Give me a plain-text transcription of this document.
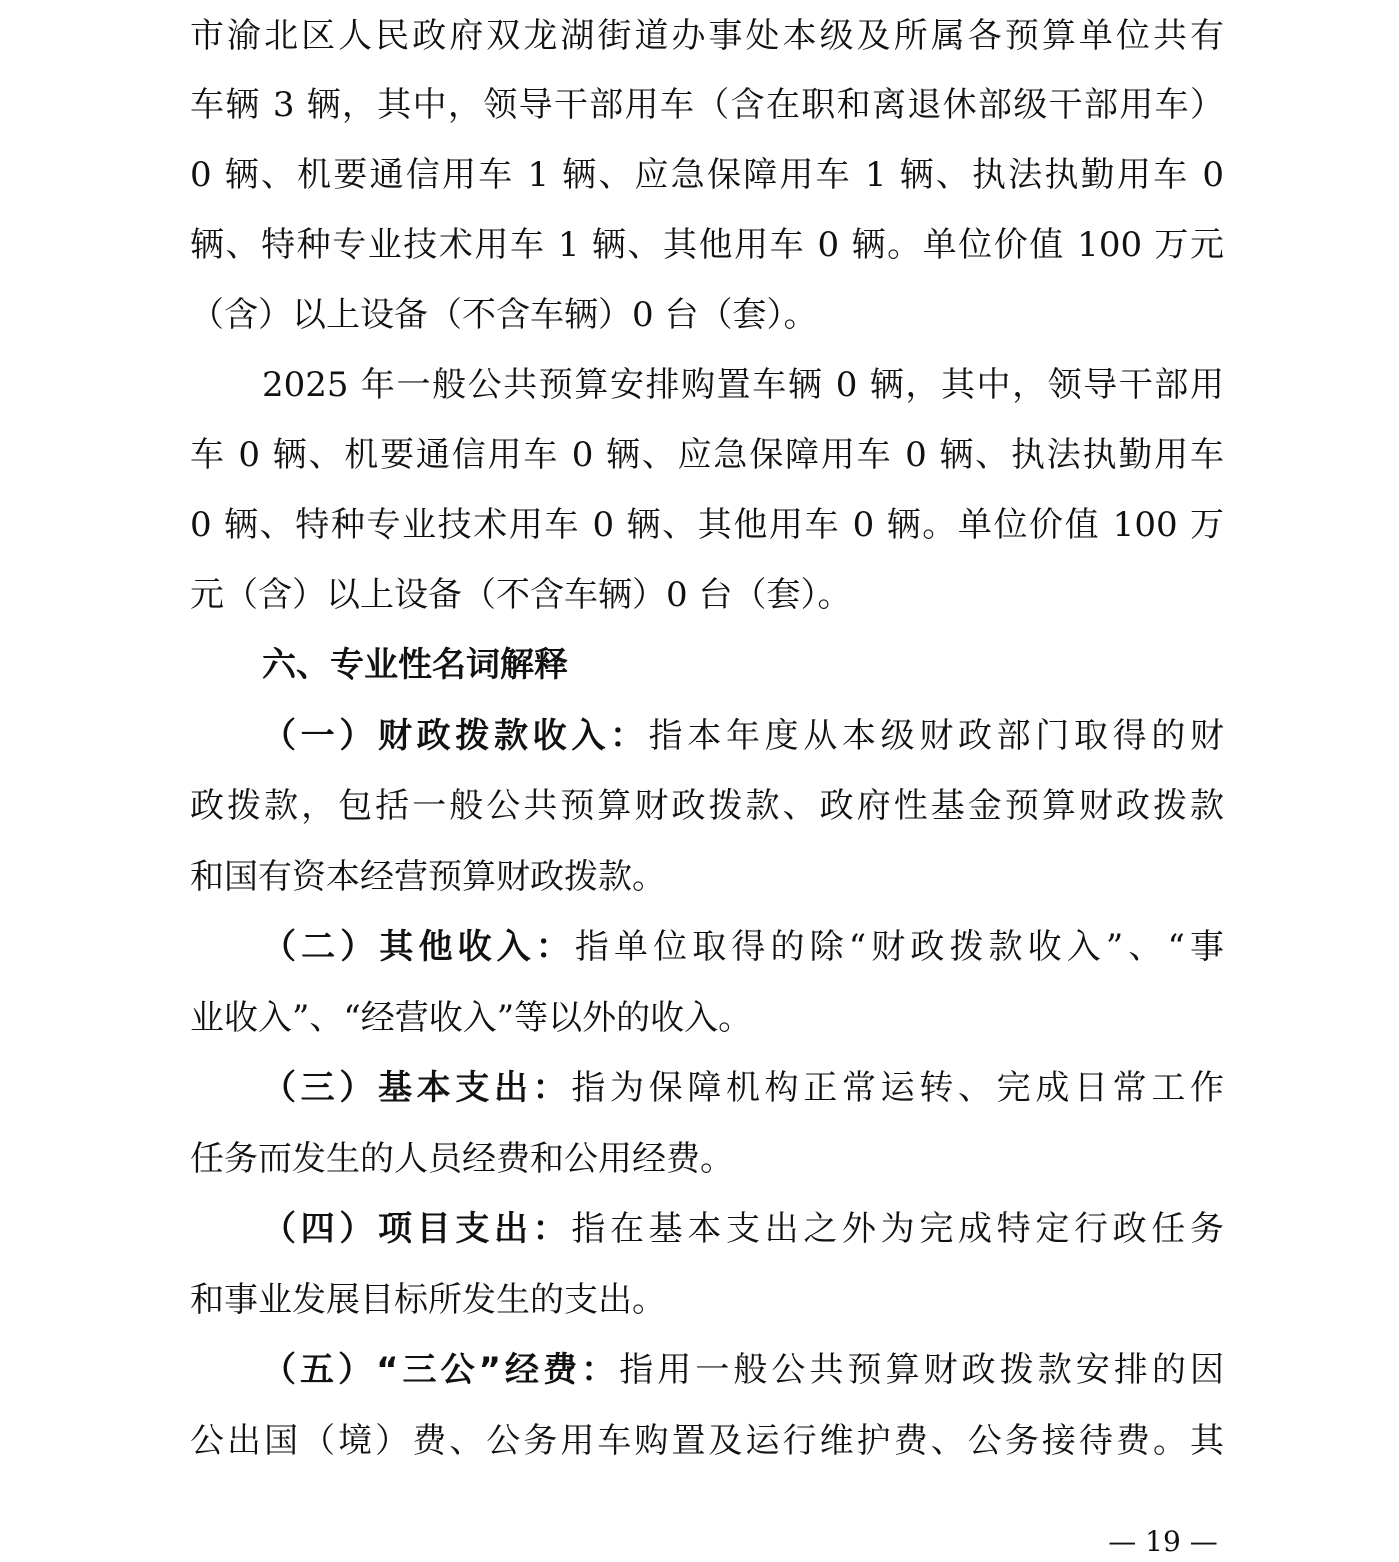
市渝北区人民政府双龙湖街道办事处本级及所属各预算单位共有
车辆 3 辆，其中，领导干部用车（含在职和离退休部级干部用车）
0 辆、机要通信用车 1 辆、应急保障用车 1 辆、执法执勤用车 0
辆、特种专业技术用车 1 辆、其他用车 0 辆。单位价值 100 万元
（含）以上设备（不含车辆）0 台（套）。
2025 年一般公共预算安排购置车辆 0 辆，其中，领导干部用
车 0 辆、机要通信用车 0 辆、应急保障用车 0 辆、执法执勤用车
0 辆、特种专业技术用车 0 辆、其他用车 0 辆。单位价值 100 万
元（含）以上设备（不含车辆）0 台（套）。
六、专业性名词解释
（一）财政拨款收入：指本年度从本级财政部门取得的财
政拨款，包括一般公共预算财政拨款、政府性基金预算财政拨款
和国有资本经营预算财政拨款。
（二）其他收入：指单位取得的除“财政拨款收入”、“事
业收入”、“经营收入”等以外的收入。
（三）基本支出：指为保障机构正常运转、完成日常工作
任务而发生的人员经费和公用经费。
（四）项目支出：指在基本支出之外为完成特定行政任务
和事业发展目标所发生的支出。
（五）“三公”经费：指用一般公共预算财政拨款安排的因
公出国（境）费、公务用车购置及运行维护费、公务接待费。其
— 19 —
